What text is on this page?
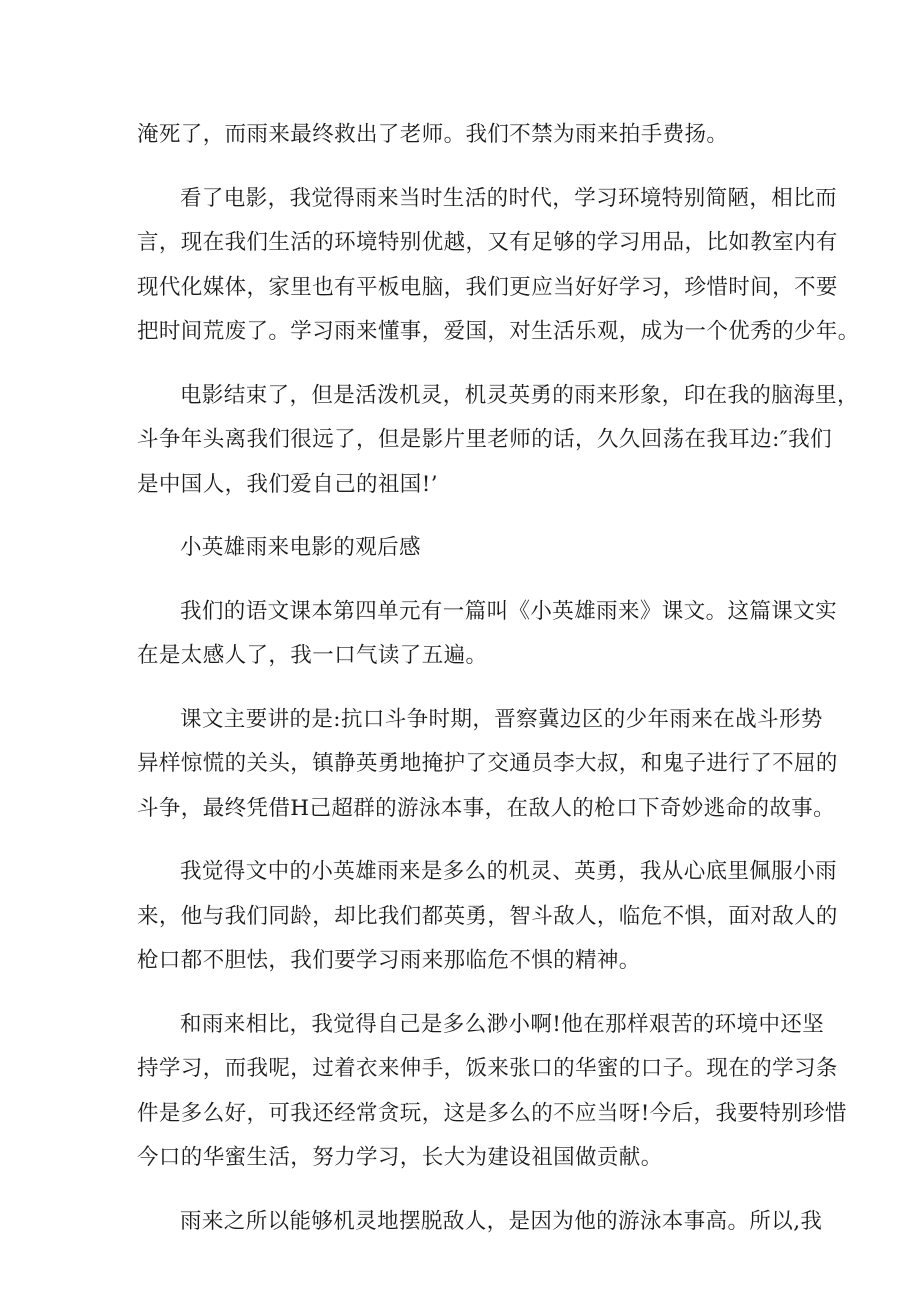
淹死了，而雨来最终救出了老师。我们不禁为雨来拍手费扬。
看了电影，我觉得雨来当时生活的时代，学习环境特别简陋，相比而
言，现在我们生活的环境特别优越，又有足够的学习用品，比如教室内有
现代化媒体，家里也有平板电脑，我们更应当好好学习，珍惜时间，不要
把时间荒废了。学习雨来懂事，爱国，对生活乐观，成为一个优秀的少年。
电影结束了，但是活泼机灵，机灵英勇的雨来形象，印在我的脑海里，
斗争年头离我们很远了，但是影片里老师的话，久久回荡在我耳边:″我们
是中国人，我们爱自己的祖国!’
小英雄雨来电影的观后感
我们的语文课本第四单元有一篇叫《小英雄雨来》课文。这篇课文实
在是太感人了，我一口气读了五遍。
课文主要讲的是:抗口斗争时期，晋察冀边区的少年雨来在战斗形势
异样惊慌的关头，镇静英勇地掩护了交通员李大叔，和鬼子进行了不屈的
斗争，最终凭借H己超群的游泳本事，在敌人的枪口下奇妙逃命的故事。
我觉得文中的小英雄雨来是多么的机灵、英勇，我从心底里佩服小雨
来，他与我们同龄，却比我们都英勇，智斗敌人，临危不惧，面对敌人的
枪口都不胆怯，我们要学习雨来那临危不惧的精神。
和雨来相比，我觉得自己是多么渺小啊!他在那样艰苦的环境中还坚
持学习，而我呢，过着衣来伸手，饭来张口的华蜜的口子。现在的学习条
件是多么好，可我还经常贪玩，这是多么的不应当呀!今后，我要特别珍惜
今口的华蜜生活，努力学习，长大为建设祖国做贡献。
雨来之所以能够机灵地摆脱敌人，是因为他的游泳本事高。所以,我
